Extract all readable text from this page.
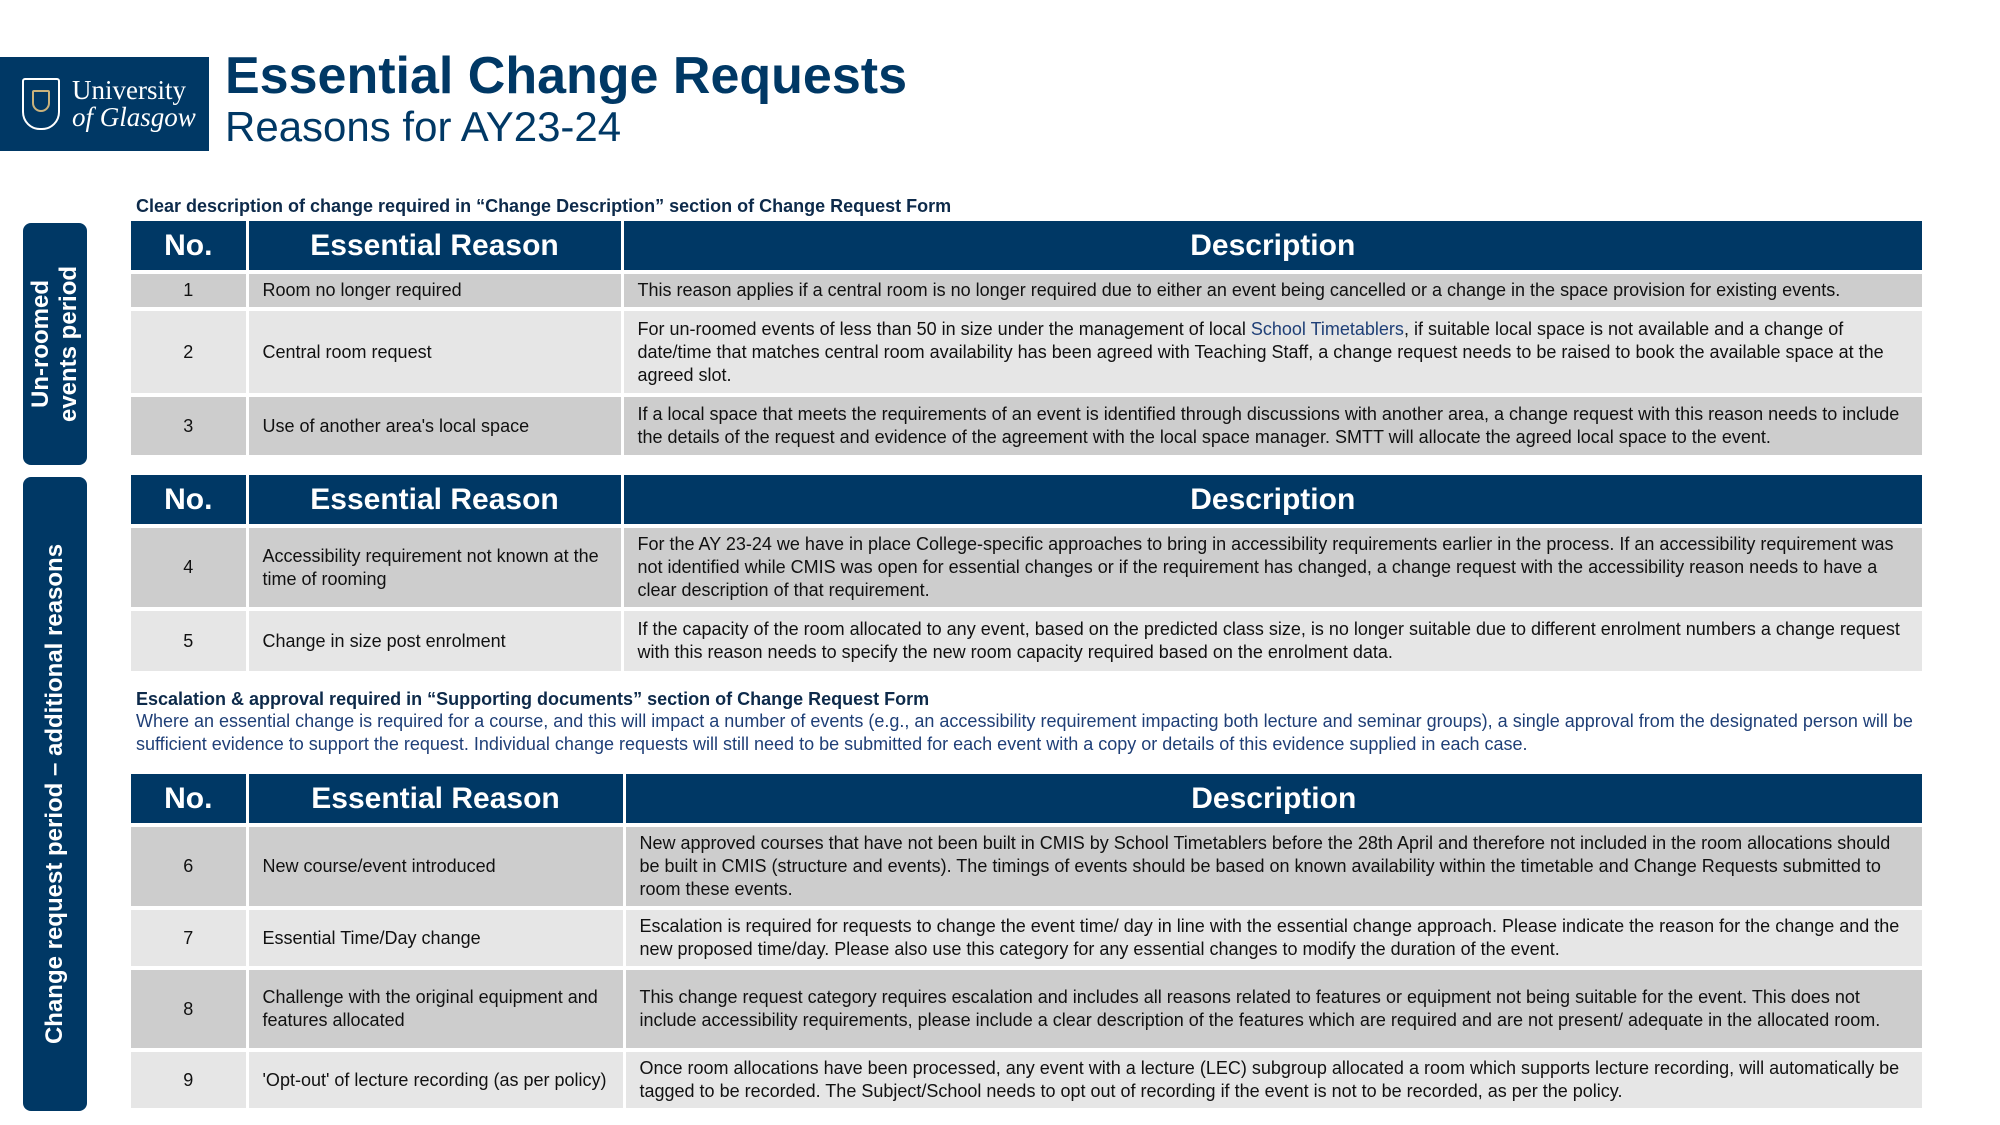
University
of Glasgow
Essential Change Requests
Reasons for AY23-24
Un-roomed events period
Change request period – additional reasons
Clear description of change required in “Change Description” section of Change Request Form
No.	Essential Reason	Description
1	Room no longer required	This reason applies if a central room is no longer required due to either an event being cancelled or a change in the space provision for existing events.
2	Central room request	For un-roomed events of less than 50 in size under the management of local School Timetablers, if suitable local space is not available and a change of date/time that matches central room availability has been agreed with Teaching Staff, a change request needs to be raised to book the available space at the agreed slot.
3	Use of another area's local space	If a local space that meets the requirements of an event is identified through discussions with another area, a change request with this reason needs to include the details of the request and evidence of the agreement with the local space manager. SMTT will allocate the agreed local space to the event.
No.	Essential Reason	Description
4	Accessibility requirement not known at the time of rooming	For the AY 23-24 we have in place College-specific approaches to bring in accessibility requirements earlier in the process. If an accessibility requirement was not identified while CMIS was open for essential changes or if the requirement has changed, a change request with the accessibility reason needs to have a clear description of that requirement.
5	Change in size post enrolment	If the capacity of the room allocated to any event, based on the predicted class size, is no longer suitable due to different enrolment numbers a change request with this reason needs to specify the new room capacity required based on the enrolment data.
Escalation & approval required in “Supporting documents” section of Change Request Form
Where an essential change is required for a course, and this will impact a number of events (e.g., an accessibility requirement impacting both lecture and seminar groups), a single approval from the designated person will be sufficient evidence to support the request. Individual change requests will still need to be submitted for each event with a copy or details of this evidence supplied in each case.
No.	Essential Reason	Description
6	New course/event introduced	New approved courses that have not been built in CMIS by School Timetablers before the 28th April and therefore not included in the room allocations should be built in CMIS (structure and events). The timings of events should be based on known availability within the timetable and Change Requests submitted to room these events.
7	Essential Time/Day change	Escalation is required for requests to change the event time/ day in line with the essential change approach. Please indicate the reason for the change and the new proposed time/day. Please also use this category for any essential changes to modify the duration of the event.
8	Challenge with the original equipment and features allocated	This change request category requires escalation and includes all reasons related to features or equipment not being suitable for the event. This does not include accessibility requirements, please include a clear description of the features which are required and are not present/ adequate in the allocated room.
9	'Opt-out' of lecture recording (as per policy)	Once room allocations have been processed, any event with a lecture (LEC) subgroup allocated a room which supports lecture recording, will automatically be tagged to be recorded. The Subject/School needs to opt out of recording if the event is not to be recorded, as per the policy.
